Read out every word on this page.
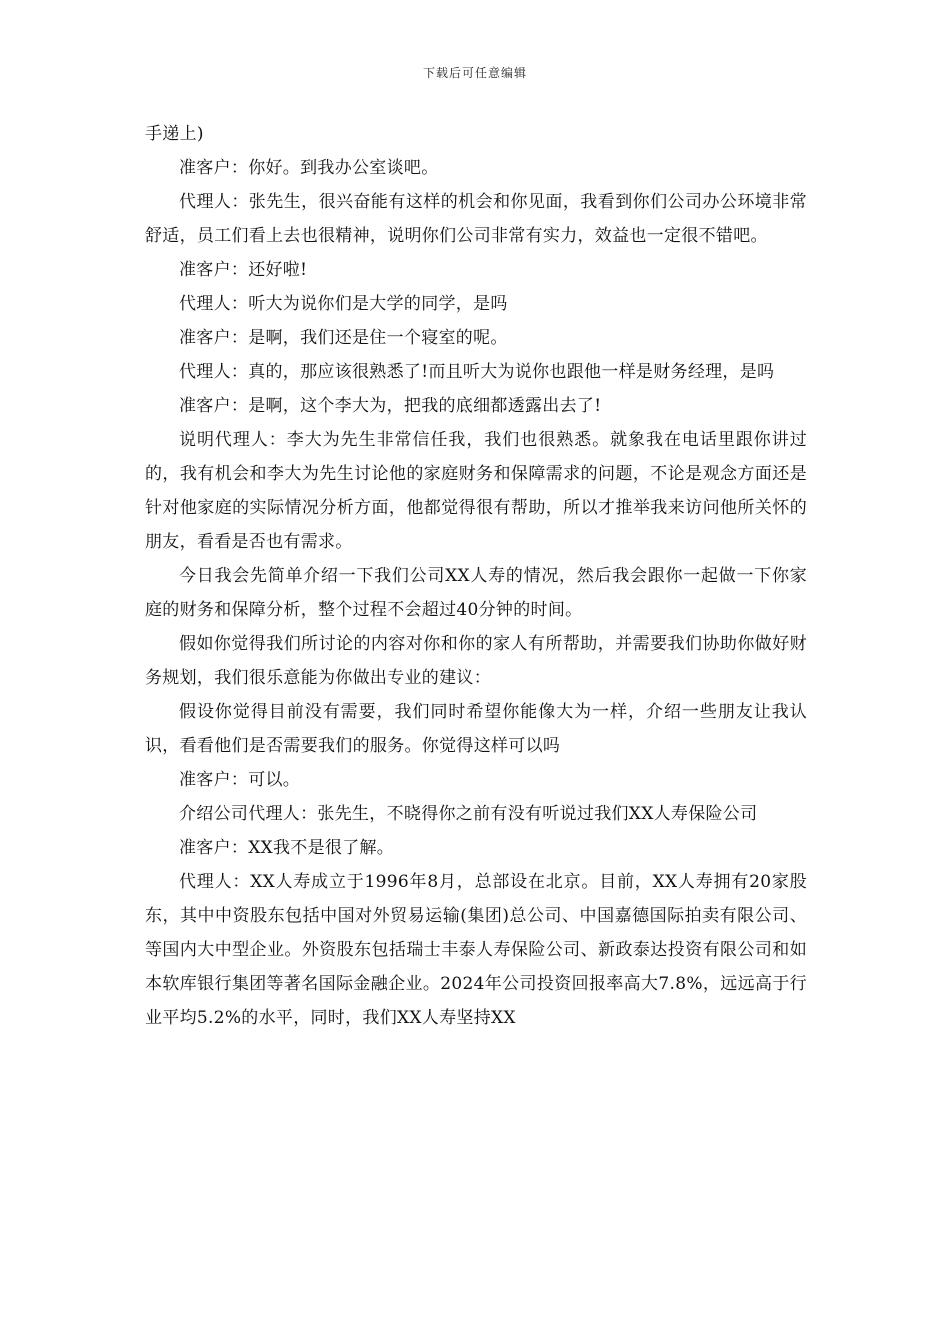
下载后可任意编辑

手递上)

准客户：你好。到我办公室谈吧。

代理人：张先生，很兴奋能有这样的机会和你见面，我看到你们公司办公环境非常舒适，员工们看上去也很精神，说明你们公司非常有实力，效益也一定很不错吧。

准客户：还好啦!

代理人：听大为说你们是大学的同学，是吗

准客户：是啊，我们还是住一个寝室的呢。

代理人：真的，那应该很熟悉了!而且听大为说你也跟他一样是财务经理，是吗

准客户：是啊，这个李大为，把我的底细都透露出去了!

说明代理人：李大为先生非常信任我，我们也很熟悉。就象我在电话里跟你讲过的，我有机会和李大为先生讨论他的家庭财务和保障需求的问题，不论是观念方面还是针对他家庭的实际情况分析方面，他都觉得很有帮助，所以才推举我来访问他所关怀的朋友，看看是否也有需求。

今日我会先简单介绍一下我们公司XX人寿的情况，然后我会跟你一起做一下你家庭的财务和保障分析，整个过程不会超过40分钟的时间。

假如你觉得我们所讨论的内容对你和你的家人有所帮助，并需要我们协助你做好财务规划，我们很乐意能为你做出专业的建议：

假设你觉得目前没有需要，我们同时希望你能像大为一样，介绍一些朋友让我认识，看看他们是否需要我们的服务。你觉得这样可以吗

准客户：可以。

介绍公司代理人：张先生，不晓得你之前有没有听说过我们XX人寿保险公司

准客户：XX我不是很了解。

代理人：XX人寿成立于1996年8月，总部设在北京。目前，XX人寿拥有20家股东，其中中资股东包括中国对外贸易运输(集团)总公司、中国嘉德国际拍卖有限公司、等国内大中型企业。外资股东包括瑞士丰泰人寿保险公司、新政泰达投资有限公司和如本软库银行集团等著名国际金融企业。2024年公司投资回报率高大7.8%，远远高于行业平均5.2%的水平，同时，我们XX人寿坚持XX
